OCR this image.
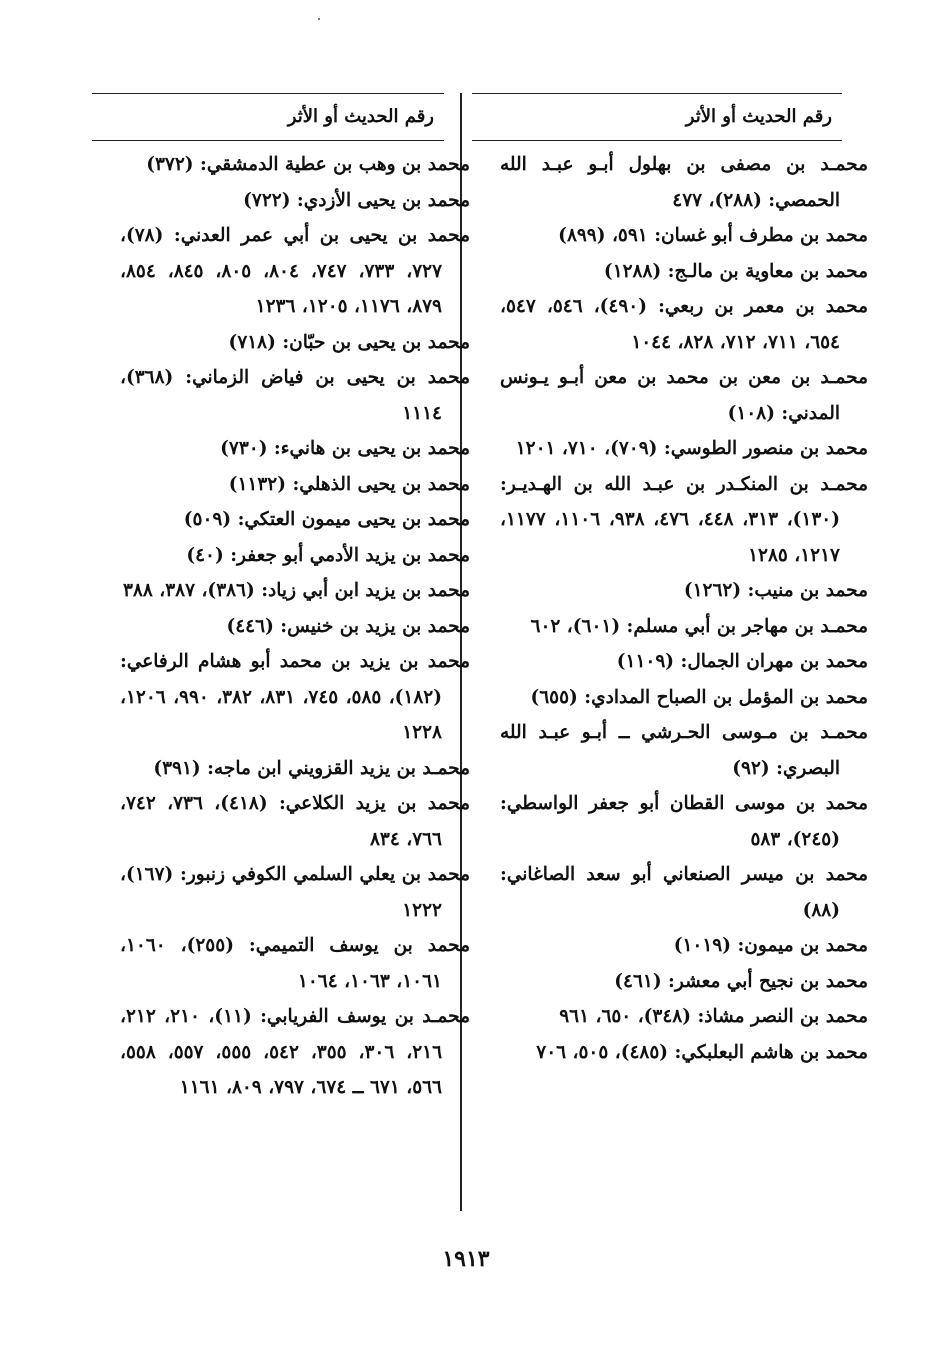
رقم الحديث أو الأثر
محمـد بن مصفى بن بهلول أبـو عبـد الله الحمصي: (٢٨٨)، ٤٧٧
محمد بن مطرف أبو غسان: ٥٩١، (٨٩٩)
محمد بن معاوية بن مالـج: (١٢٨٨)
محمد بن معمر بن ربعي: (٤٩٠)، ٥٤٦، ٥٤٧، ٦٥٤، ٧١١، ٧١٢، ٨٢٨، ١٠٤٤
محمـد بن معن بن محمد بن معن أبـو يـونس المدني: (١٠٨)
محمد بن منصور الطوسي: (٧٠٩)، ٧١٠، ١٢٠١
محمـد بن المنكـدر بن عبـد الله بن الهـديـر: (١٣٠)، ٣١٣، ٤٤٨، ٤٧٦، ٩٣٨، ١١٠٦، ١١٧٧، ١٢١٧، ١٢٨٥
محمد بن منيب: (١٢٦٢)
محمـد بن مهاجر بن أبي مسلم: (٦٠١)، ٦٠٢
محمد بن مهران الجمال: (١١٠٩)
محمد بن المؤمل بن الصباح المدادي: (٦٥٥)
محمـد بن مـوسى الحـرشي ــ أبـو عبـد الله البصري: (٩٢)
محمد بن موسى القطان أبو جعفر الواسطي: (٢٤٥)، ٥٨٣
محمد بن ميسر الصنعاني أبو سعد الصاغاني: (٨٨)
محمد بن ميمون: (١٠١٩)
محمد بن نجيح أبي معشر: (٤٦١)
محمد بن النصر مشاذ: (٣٤٨)، ٦٥٠، ٩٦١
محمد بن هاشم البعلبكي: (٤٨٥)، ٥٠٥، ٧٠٦
رقم الحديث أو الأثر
محمد بن وهب بن عطية الدمشقي: (٣٧٢)
محمد بن يحيى الأزدي: (٧٢٢)
محمد بن يحيى بن أبي عمر العدني: (٧٨)، ٧٢٧، ٧٣٣، ٧٤٧، ٨٠٤، ٨٠٥، ٨٤٥، ٨٥٤، ٨٧٩، ١١٧٦، ١٢٠٥، ١٢٣٦
محمد بن يحيى بن حبّان: (٧١٨)
محمد بن يحيى بن فياض الزماني: (٣٦٨)، ١١١٤
محمد بن يحيى بن هانيء: (٧٣٠)
محمد بن يحيى الذهلي: (١١٣٢)
محمد بن يحيى ميمون العتكي: (٥٠٩)
محمد بن يزيد الأدمي أبو جعفر: (٤٠)
محمد بن يزيد ابن أبي زياد: (٣٨٦)، ٣٨٧، ٣٨٨
محمد بن يزيد بن خنيس: (٤٤٦)
محمد بن يزيد بن محمد أبو هشام الرفاعي: (١٨٢)، ٥٨٥، ٧٤٥، ٨٣١، ٣٨٢، ٩٩٠، ١٢٠٦، ١٢٢٨
محمـد بن يزيد القزويني ابن ماجه: (٣٩١)
محمد بن يزيد الكلاعي: (٤١٨)، ٧٣٦، ٧٤٢، ٧٦٦، ٨٣٤
محمد بن يعلي السلمي الكوفي زنبور: (١٦٧)، ١٢٢٢
محمد بن يوسف التميمي: (٢٥٥)، ١٠٦٠، ١٠٦١، ١٠٦٣، ١٠٦٤
محمـد بن يوسف الفريابي: (١١)، ٢١٠، ٢١٢، ٢١٦، ٣٠٦، ٣٥٥، ٥٤٢، ٥٥٥، ٥٥٧، ٥٥٨، ٥٦٦، ٦٧١ ــ ٦٧٤، ٧٩٧، ٨٠٩، ١١٦١
١٩١٣
